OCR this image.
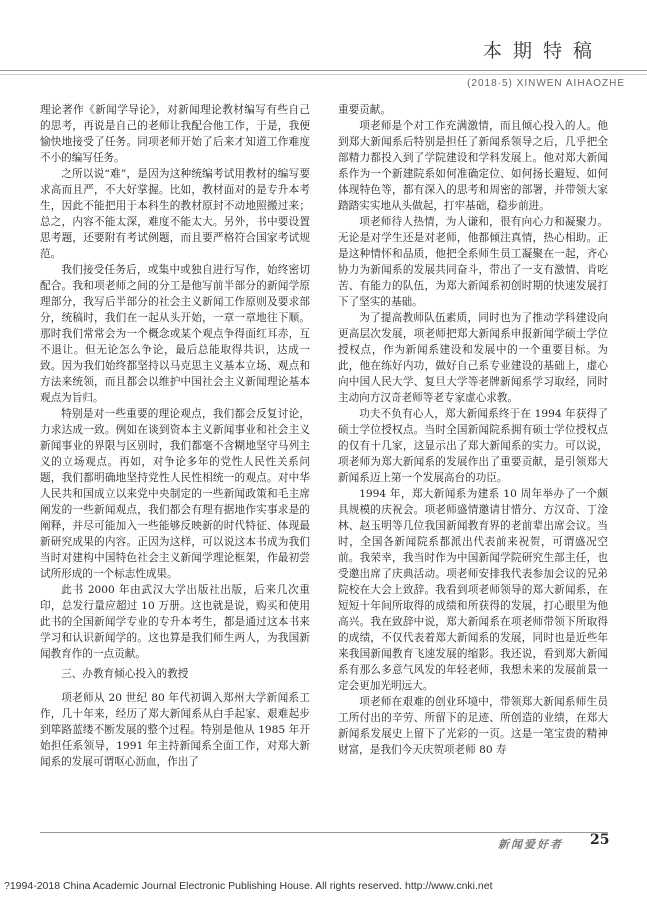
本期特稿
(2018·5) XINWEN AIHAOZHE

理论著作《新闻学导论》，对新闻理论教材编写有些自己的思考，再说是自己的老师让我配合他工作，于是，我便愉快地接受了任务。同项老师开始了后来才知道工作难度不小的编写任务。

之所以说“难”，是因为这种统编考试用教材的编写要求高而且严，不大好掌握。比如，教材面对的是专升本考生，因此不能把用于本科生的教材原封不动地照搬过来；总之，内容不能太深，难度不能太大。另外，书中要设置思考题，还要附有考试例题，而且要严格符合国家考试规范。

我们接受任务后，或集中或独自进行写作，始终密切配合。我和项老师之间的分工是他写前半部分的新闻学原理部分，我写后半部分的社会主义新闻工作原则及要求部分，统稿时，我们在一起从头开始，一章一章地往下顺。那时我们常常会为一个概念或某个观点争得面红耳赤，互不退让。但无论怎么争论，最后总能取得共识，达成一致。因为我们始终都坚持以马克思主义基本立场、观点和方法来统领，而且都会以维护中国社会主义新闻理论基本观点为旨归。

特别是对一些重要的理论观点，我们都会反复讨论，力求达成一致。例如在谈到资本主义新闻事业和社会主义新闻事业的界限与区别时，我们都毫不含糊地坚守马列主义的立场观点。再如，对争论多年的党性人民性关系问题，我们都明确地坚持党性人民性相统一的观点。对中华人民共和国成立以来党中央制定的一些新闻政策和毛主席阐发的一些新闻观点，我们都会有理有据地作实事求是的阐释，并尽可能加入一些能够反映新的时代特征、体现最新研究成果的内容。正因为这样，可以说这本书成为我们当时对建构中国特色社会主义新闻学理论框架，作最初尝试所形成的一个标志性成果。

此书 2000 年由武汉大学出版社出版，后来几次重印，总发行量应超过 10 万册。这也就是说，购买和使用此书的全国新闻学专业的专升本考生，都是通过这本书来学习和认识新闻学的。这也算是我们师生两人，为我国新闻教育作的一点贡献。

三、办教育倾心投入的教授

项老师从 20 世纪 80 年代初调入郑州大学新闻系工作，几十年来，经历了郑大新闻系从白手起家、艰难起步到筚路蓝缕不断发展的整个过程。特别是他从 1985 年开始担任系领导，1991 年主持新闻系全面工作，对郑大新闻系的发展可谓呕心沥血，作出了

重要贡献。

项老师是个对工作充满激情，而且倾心投入的人。他到郑大新闻系后特别是担任了新闻系领导之后，几乎把全部精力都投入到了学院建设和学科发展上。他对郑大新闻系作为一个新建院系如何准确定位、如何扬长避短、如何体现特色等，都有深入的思考和周密的部署，并带领大家踏踏实实地从头做起，打牢基础，稳步前进。

项老师待人热情，为人谦和，很有向心力和凝聚力。无论是对学生还是对老师，他都倾注真情，热心相助。正是这种情怀和品质，他把全系师生员工凝聚在一起，齐心协力为新闻系的发展共同奋斗，带出了一支有激情、肯吃苦、有能力的队伍，为郑大新闻系初创时期的快速发展打下了坚实的基础。

为了提高教师队伍素质，同时也为了推动学科建设向更高层次发展，项老师把郑大新闻系申报新闻学硕士学位授权点，作为新闻系建设和发展中的一个重要目标。为此，他在练好内功，做好自己系专业建设的基础上，虚心向中国人民大学、复旦大学等老牌新闻系学习取经，同时主动向方汉奇老师等老专家虚心求教。

功夫不负有心人，郑大新闻系终于在 1994 年获得了硕士学位授权点。当时全国新闻院系拥有硕士学位授权点的仅有十几家，这显示出了郑大新闻系的实力。可以说，项老师为郑大新闻系的发展作出了重要贡献，是引领郑大新闻系迈上第一个发展高台的功臣。

1994 年，郑大新闻系为建系 10 周年举办了一个颇具规模的庆祝会。项老师盛情邀请甘惜分、方汉奇、丁淦林、赵玉明等几位我国新闻教育界的老前辈出席会议。当时，全国各新闻院系都派出代表前来祝贺，可谓盛况空前。我荣幸，我当时作为中国新闻学院研究生部主任，也受邀出席了庆典活动。项老师安排我代表参加会议的兄弟院校在大会上致辞。我看到项老师领导的郑大新闻系，在短短十年间所取得的成绩和所获得的发展，打心眼里为他高兴。我在致辞中说，郑大新闻系在项老师带领下所取得的成绩，不仅代表着郑大新闻系的发展，同时也是近些年来我国新闻教育飞速发展的缩影。我还说，看到郑大新闻系有那么多意气风发的年轻老师，我想未来的发展前景一定会更加光明远大。

项老师在艰难的创业环境中，带领郑大新闻系师生员工所付出的辛劳、所留下的足迹、所创造的业绩，在郑大新闻系发展史上留下了光彩的一页。这是一笔宝贵的精神财富，是我们今天庆贺项老师 80 寿

新闻爱好者 25
?1994-2018 China Academic Journal Electronic Publishing House. All rights reserved. http://www.cnki.net
